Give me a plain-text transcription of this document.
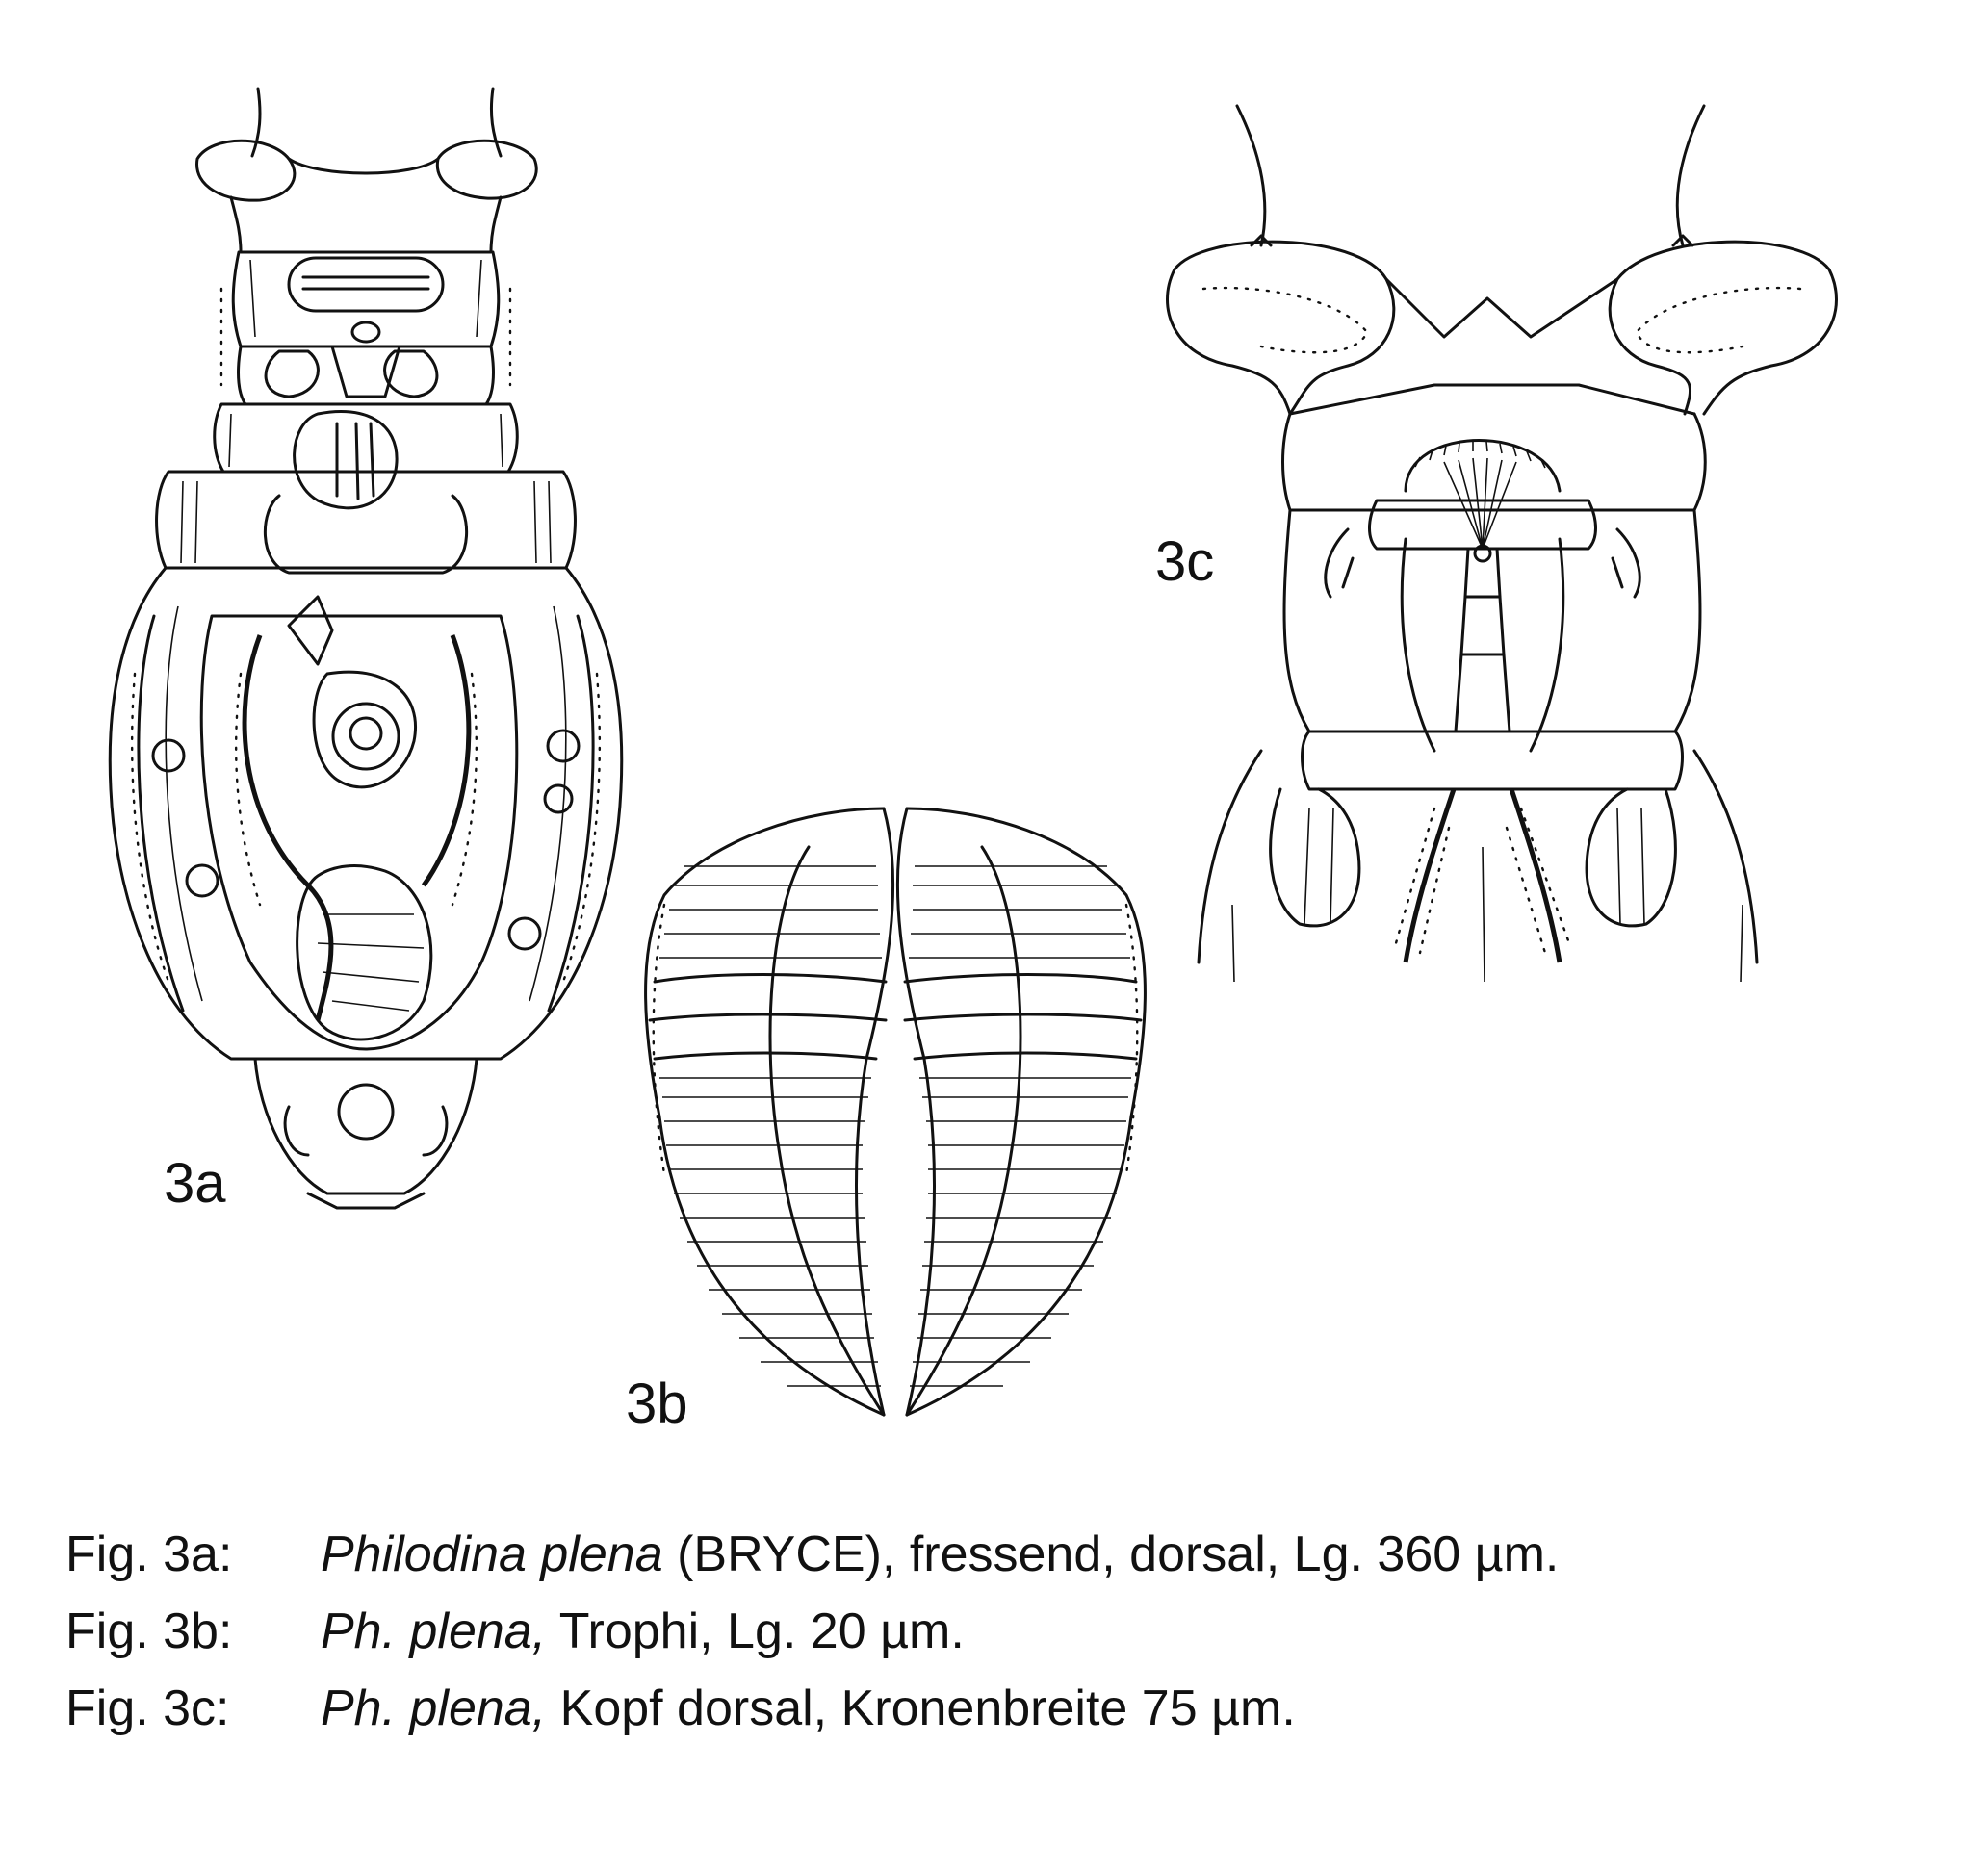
3a
3b
3c
Fig. 3a: Philodina plena (BRYCE), fressend, dorsal, Lg. 360 µm.
Fig. 3b: Ph. plena, Trophi, Lg. 20 µm.
Fig. 3c: Ph. plena, Kopf dorsal, Kronenbreite 75 µm.
